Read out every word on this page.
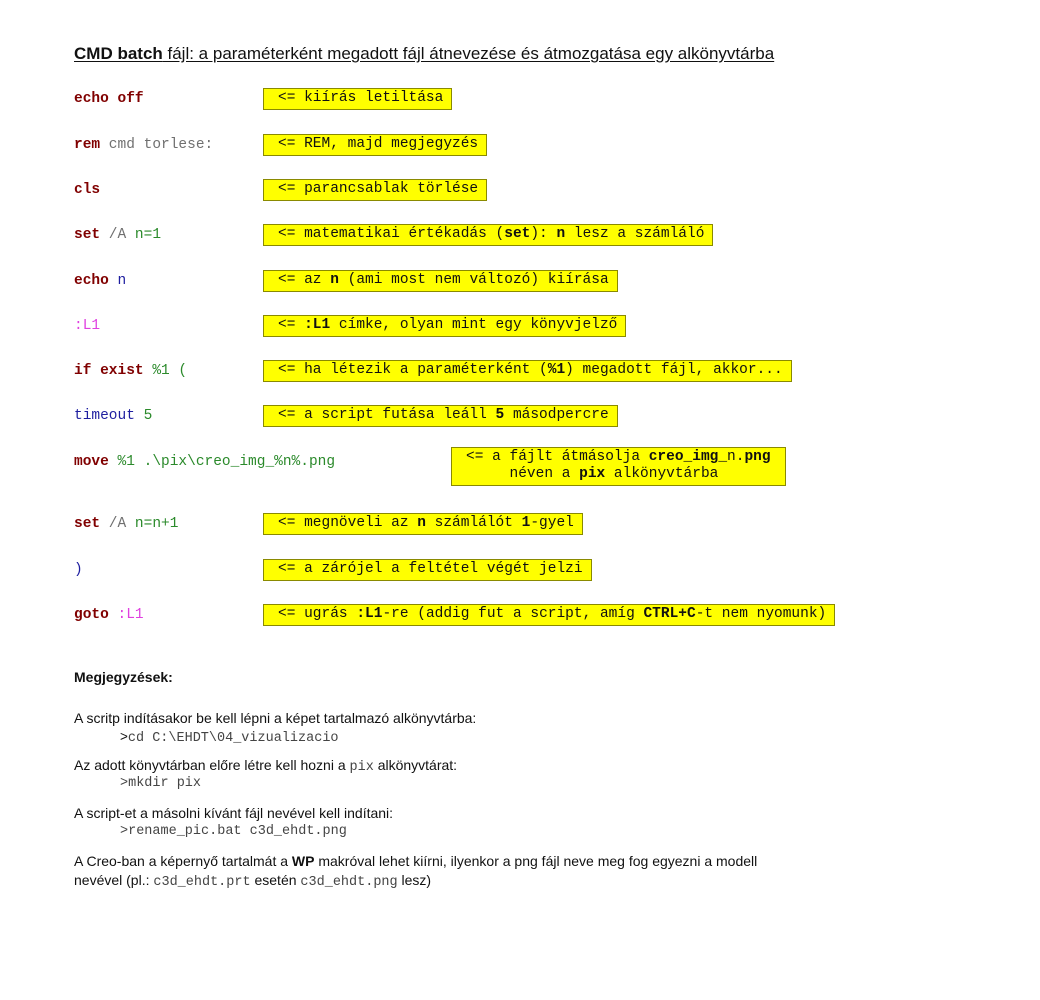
CMD batch fájl: a paraméterként megadott fájl átnevezése és átmozgatása egy alkönyvtárba
echo off	<= kiírás letiltása
rem cmd torlese:	<= REM, majd megjegyzés
cls	<= parancsablak törlése
set /A n=1	<= matematikai értékadás (set): n lesz a számláló
echo n	<= az n (ami most nem változó) kiírása
:L1	<= :L1 címke, olyan mint egy könyvjelző
if exist %1 (	<= ha létezik a paraméterként (%1) megadott fájl, akkor...
timeout 5	<= a script futása leáll 5 másodpercre
move %1 .\pix\creo_img_%n%.png	<= a fájlt átmásolja creo_img_n.png
néven a pix alkönyvtárba
set /A n=n+1	<= megnöveli az n számlálót 1-gyel
)	<= a zárójel a feltétel végét jelzi
goto :L1	<= ugrás :L1-re (addig fut a script, amíg CTRL+C-t nem nyomunk)
Megjegyzések:
A scritp indításakor be kell lépni a képet tartalmazó alkönyvtárba:
>cd C:\EHDT\04_vizualizacio
Az adott könyvtárban előre létre kell hozni a pix alkönyvtárat:
>mkdir pix
A script-et a másolni kívánt fájl nevével kell indítani:
>rename_pic.bat c3d_ehdt.png
A Creo-ban a képernyő tartalmát a WP makróval lehet kiírni, ilyenkor a png fájl neve meg fog egyezni a modell
nevével (pl.: c3d_ehdt.prt esetén c3d_ehdt.png lesz)
